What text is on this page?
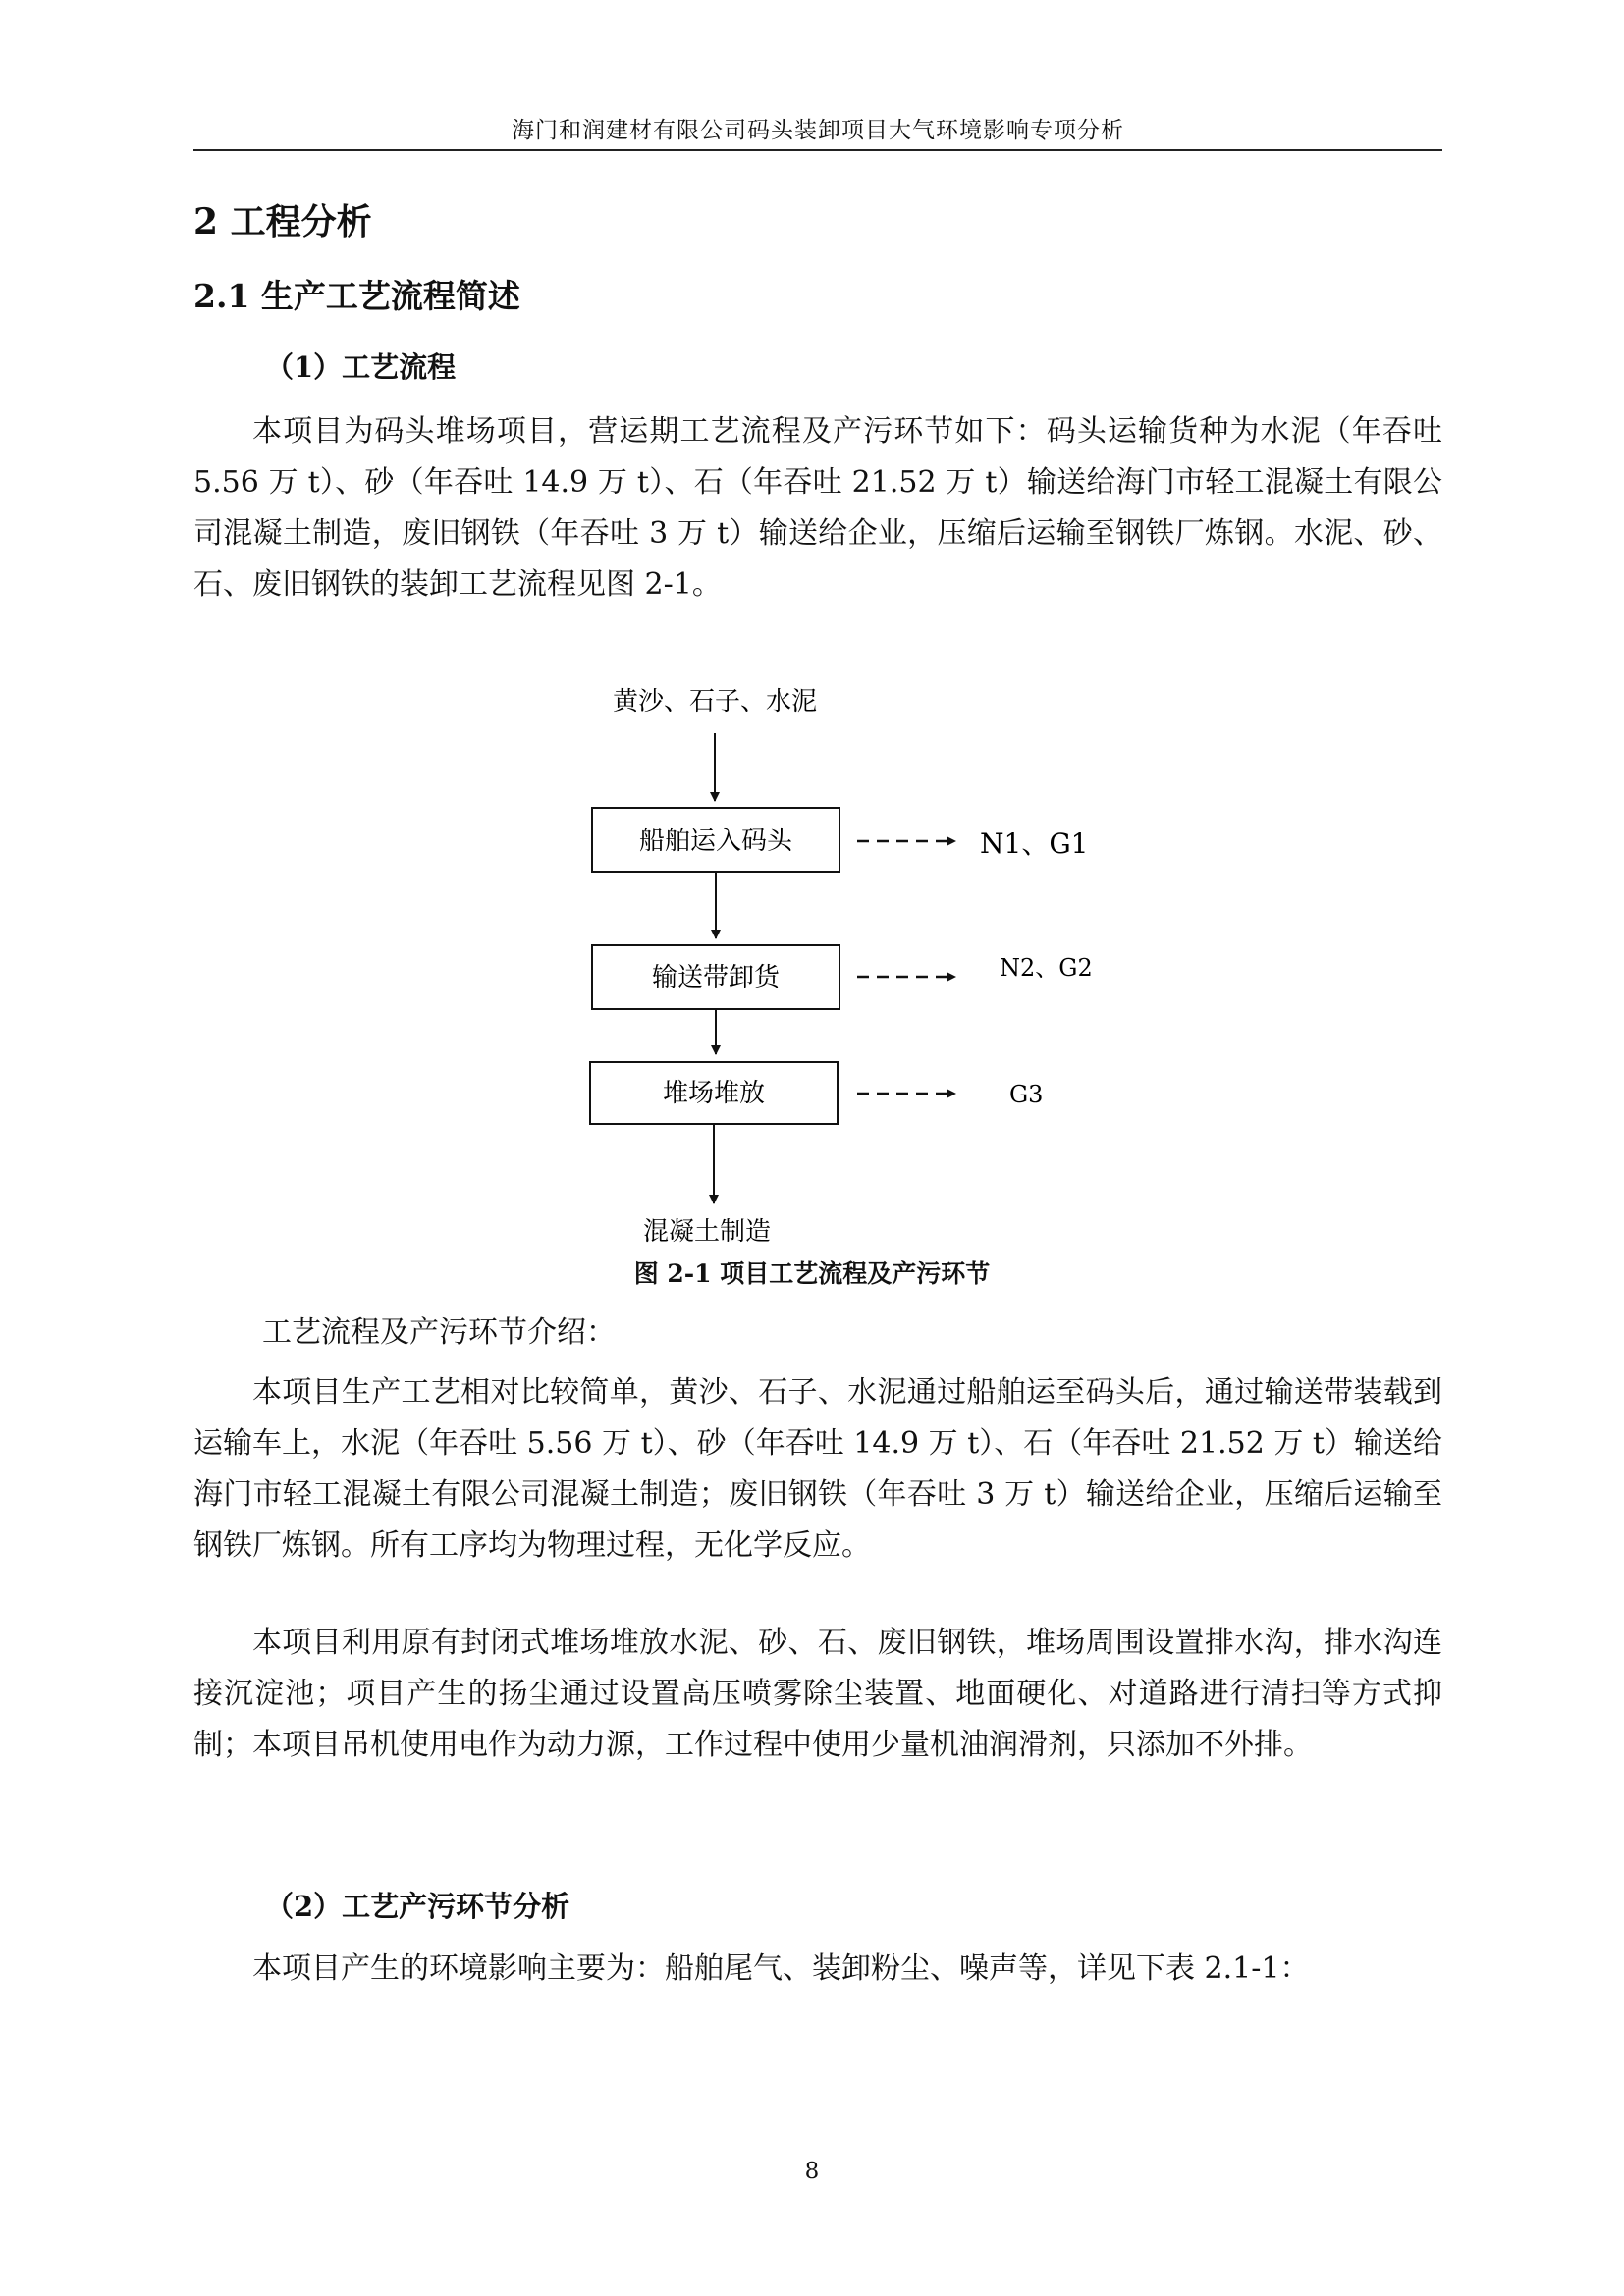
海门和润建材有限公司码头装卸项目大气环境影响专项分析
2 工程分析
2.1 生产工艺流程简述
（1）工艺流程

本项目为码头堆场项目，营运期工艺流程及产污环节如下：码头运输货种为水泥（年吞吐 5.56 万 t）、砂（年吞吐 14.9 万 t）、石（年吞吐 21.52 万 t）输送给海门市轻工混凝土有限公司混凝土制造，废旧钢铁（年吞吐 3 万 t）输送给企业，压缩后运输至钢铁厂炼钢。水泥、砂、石、废旧钢铁的装卸工艺流程见图 2-1。

黄沙、石子、水泥
船舶运入码头	N1、G1
输送带卸货	N2、G2
堆场堆放	G3
混凝土制造
图 2-1 项目工艺流程及产污环节
工艺流程及产污环节介绍：

本项目生产工艺相对比较简单，黄沙、石子、水泥通过船舶运至码头后，通过输送带装载到运输车上，水泥（年吞吐 5.56 万 t）、砂（年吞吐 14.9 万 t）、石（年吞吐 21.52 万 t）输送给海门市轻工混凝土有限公司混凝土制造；废旧钢铁（年吞吐 3 万 t）输送给企业，压缩后运输至钢铁厂炼钢。所有工序均为物理过程，无化学反应。

本项目利用原有封闭式堆场堆放水泥、砂、石、废旧钢铁，堆场周围设置排水沟，排水沟连接沉淀池；项目产生的扬尘通过设置高压喷雾除尘装置、地面硬化、对道路进行清扫等方式抑制；本项目吊机使用电作为动力源，工作过程中使用少量机油润滑剂，只添加不外排。

（2）工艺产污环节分析

本项目产生的环境影响主要为：船舶尾气、装卸粉尘、噪声等，详见下表 2.1-1：

8
